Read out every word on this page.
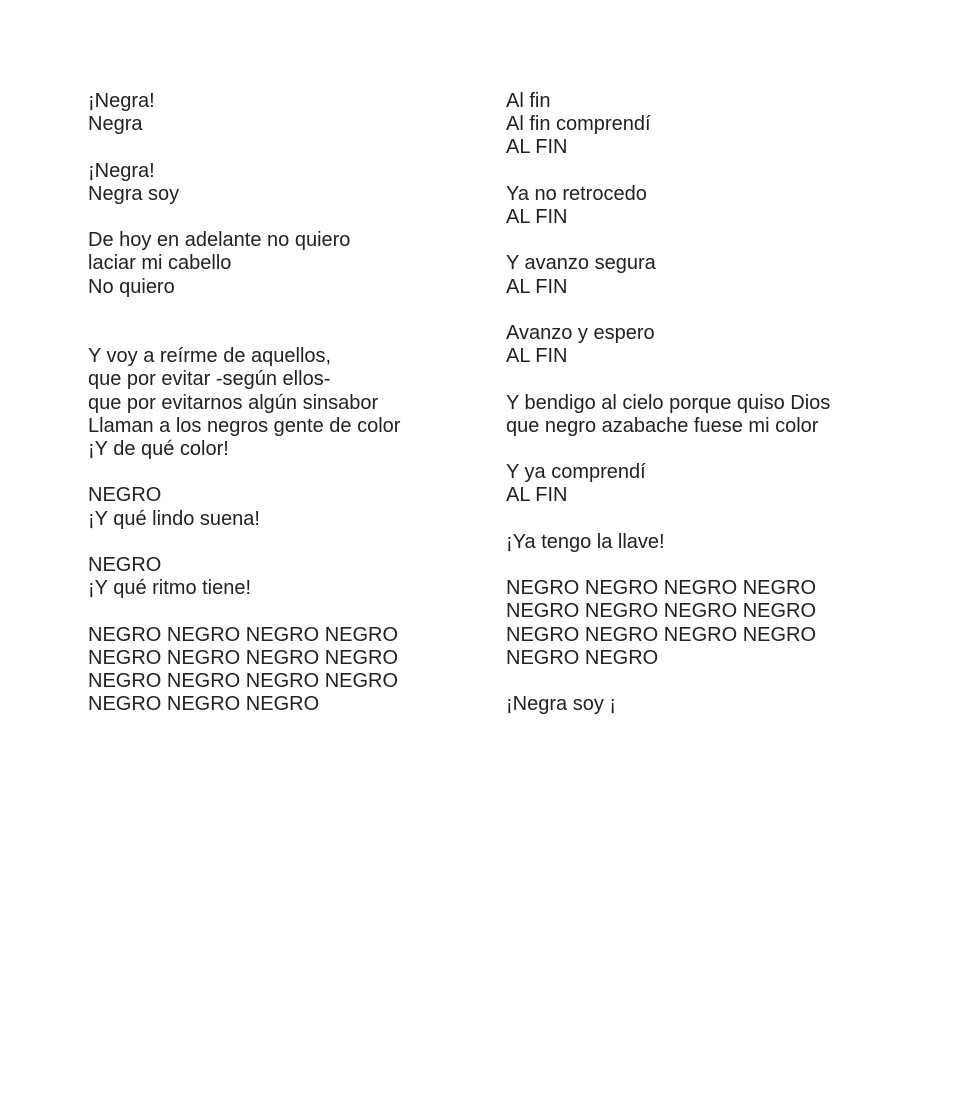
¡Negra!
Negra
¡Negra!
Negra soy
De hoy en adelante no quiero
laciar mi cabello
No quiero
Y voy a reírme de aquellos,
que por evitar -según ellos-
que por evitarnos algún sinsabor
Llaman a los negros gente de color
¡Y de qué color!
NEGRO
¡Y qué lindo suena!
NEGRO
¡Y qué ritmo tiene!
NEGRO NEGRO NEGRO NEGRO
NEGRO NEGRO NEGRO NEGRO
NEGRO NEGRO NEGRO NEGRO
NEGRO NEGRO NEGRO
Al fin
Al fin comprendí
AL FIN
Ya no retrocedo
AL FIN
Y avanzo segura
AL FIN
Avanzo y espero
AL FIN
Y bendigo al cielo porque quiso Dios
que negro azabache fuese mi color
Y ya comprendí
AL FIN
¡Ya tengo la llave!
NEGRO NEGRO NEGRO NEGRO
NEGRO NEGRO NEGRO NEGRO
NEGRO NEGRO NEGRO NEGRO
NEGRO NEGRO
¡Negra soy ¡
